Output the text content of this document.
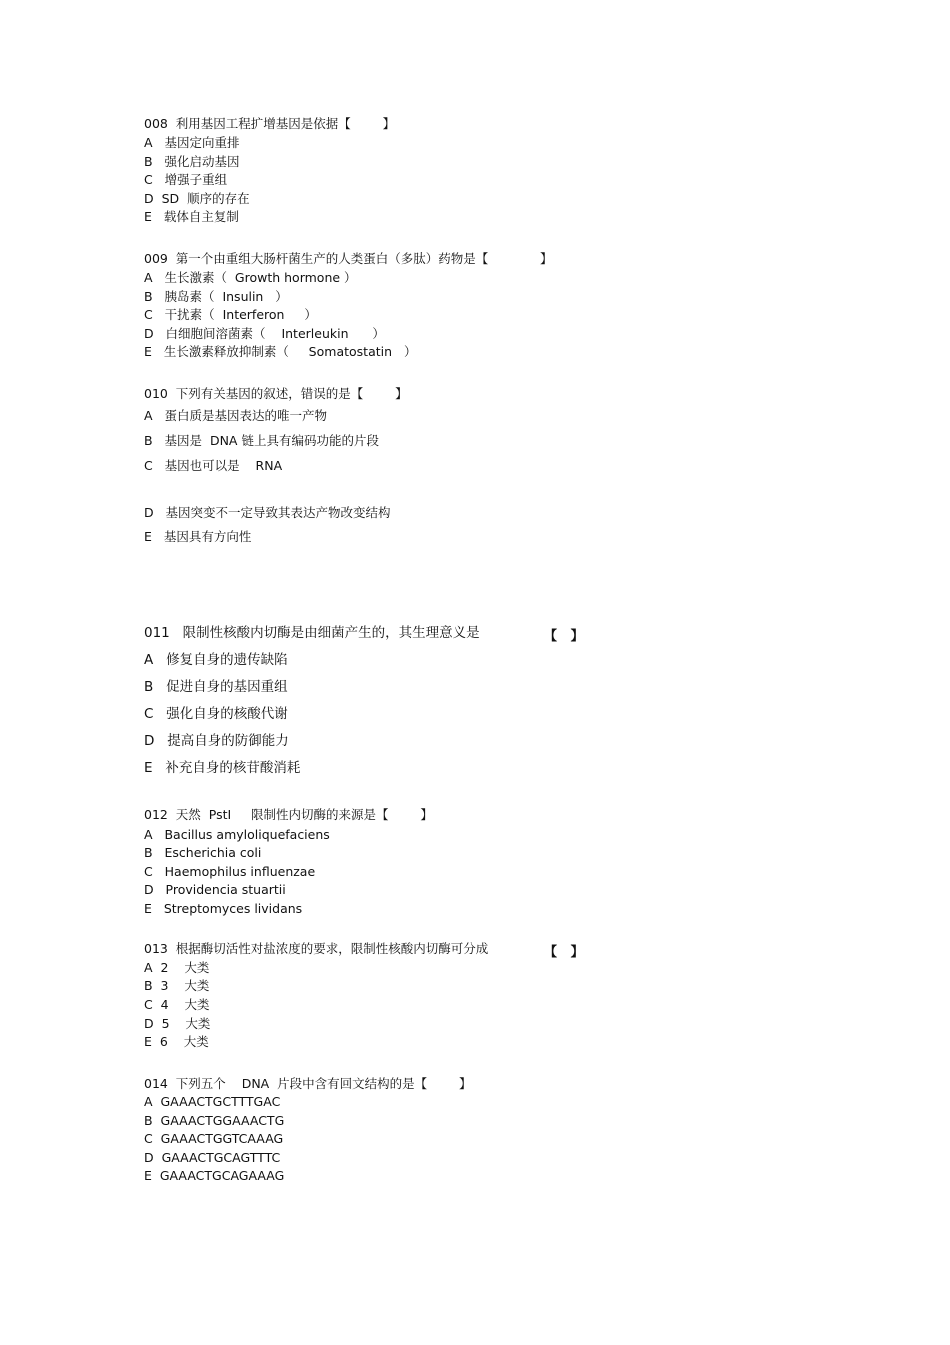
008  利用基因工程扩增基因是依据【        】
A   基因定向重排
B   强化启动基因
C   增强子重组
D  SD  顺序的存在
E   载体自主复制
009  第一个由重组大肠杆菌生产的人类蛋白（多肽）药物是【             】
A   生长激素（  Growth hormone ）
B   胰岛素（  Insulin   ）
C   干扰素（  Interferon     ）
D   白细胞间溶菌素（    Interleukin      ）
E   生长激素释放抑制素（     Somatostatin   ）
010  下列有关基因的叙述，错误的是【        】
A   蛋白质是基因表达的唯一产物
B   基因是  DNA 链上具有编码功能的片段
C   基因也可以是    RNA
D   基因突变不一定导致其表达产物改变结构
E   基因具有方向性
011   限制性核酸内切酶是由细菌产生的，其生理意义是	【   】
A   修复自身的遗传缺陷
B   促进自身的基因重组
C   强化自身的核酸代谢
D   提高自身的防御能力
E   补充自身的核苷酸消耗
012  天然  PstI     限制性内切酶的来源是【        】
A   Bacillus amyloliquefaciens
B   Escherichia coli
C   Haemophilus influenzae
D   Providencia stuartii
E   Streptomyces lividans
013  根据酶切活性对盐浓度的要求，限制性核酸内切酶可分成	【   】
A  2    大类
B  3    大类
C  4    大类
D  5    大类
E  6    大类
014  下列五个    DNA  片段中含有回文结构的是【        】
A  GAAACTGCTTTGAC
B  GAAACTGGAAACTG
C  GAAACTGGTCAAAG
D  GAAACTGCAGTTTC
E  GAAACTGCAGAAAG
